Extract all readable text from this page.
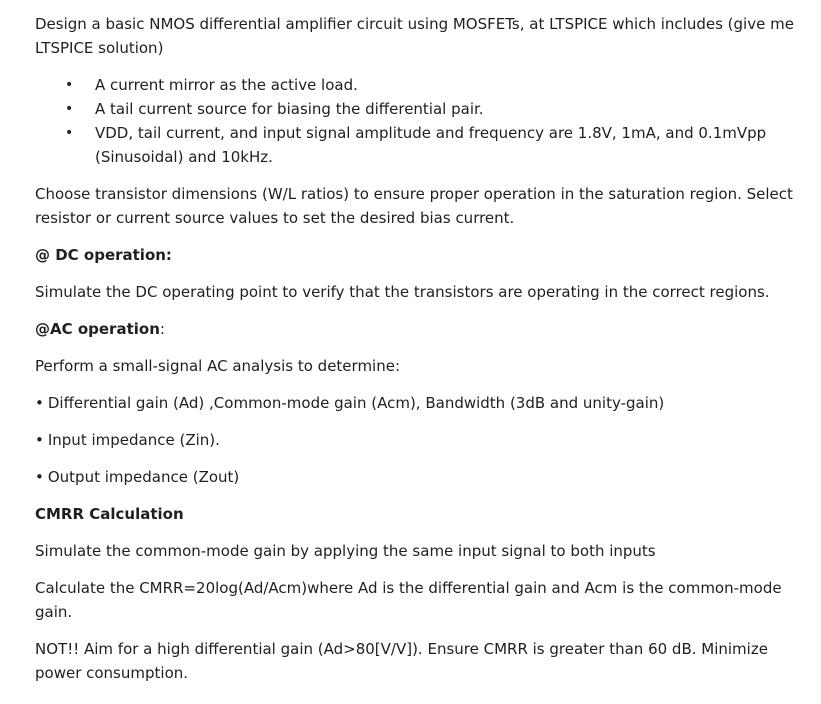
Design a basic NMOS differential amplifier circuit using MOSFETs, at LTSPICE which includes (give me LTSPICE solution)

• A current mirror as the active load.
• A tail current source for biasing the differential pair.
• VDD, tail current, and input signal amplitude and frequency are 1.8V, 1mA, and 0.1mVpp (Sinusoidal) and 10kHz.

Choose transistor dimensions (W/L ratios) to ensure proper operation in the saturation region. Select resistor or current source values to set the desired bias current.

@ DC operation:

Simulate the DC operating point to verify that the transistors are operating in the correct regions.

@AC operation:

Perform a small-signal AC analysis to determine:

• Differential gain (Ad) ,Common-mode gain (Acm), Bandwidth (3dB and unity-gain)

• Input impedance (Zin).

• Output impedance (Zout)

CMRR Calculation

Simulate the common-mode gain by applying the same input signal to both inputs

Calculate the CMRR=20log(Ad/Acm)where Ad is the differential gain and Acm is the common-mode gain.

NOT!! Aim for a high differential gain (Ad>80[V/V]). Ensure CMRR is greater than 60 dB. Minimize power consumption.
